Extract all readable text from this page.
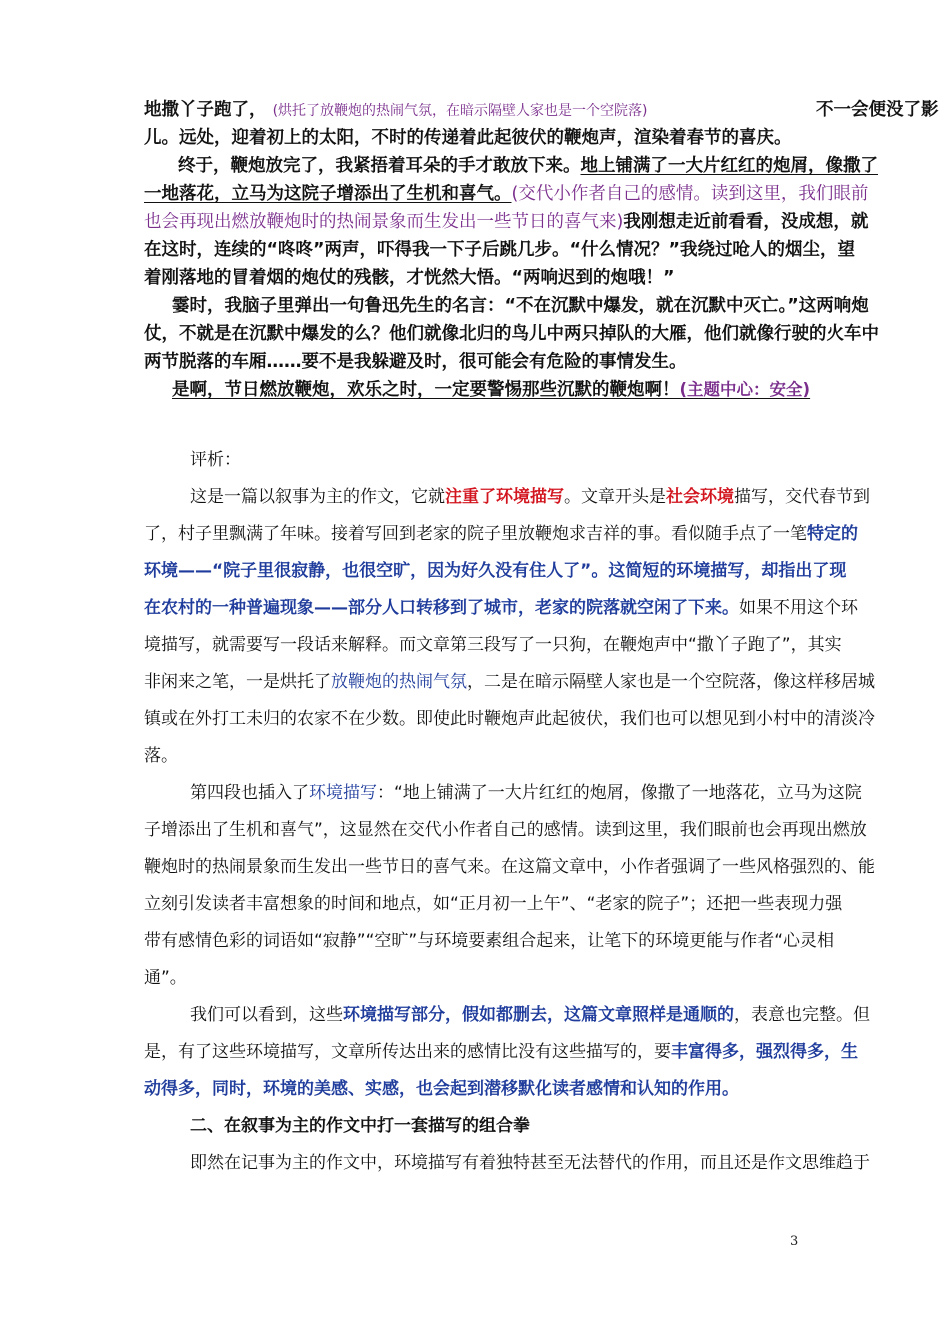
地撒丫子跑了， (烘托了放鞭炮的热闹气氛，在暗示隔壁人家也是一个空院落)	不一会便没了影
儿。远处，迎着初上的太阳，不时的传递着此起彼伏的鞭炮声，渲染着春节的喜庆。
终于，鞭炮放完了，我紧捂着耳朵的手才敢放下来。地上铺满了一大片红红的炮屑，像撒了
一地落花，立马为这院子增添出了生机和喜气。(交代小作者自己的感情。读到这里，我们眼前
也会再现出燃放鞭炮时的热闹景象而生发出一些节日的喜气来)我刚想走近前看看，没成想，就
在这时，连续的“咚咚”两声，吓得我一下子后跳几步。“什么情况？”我绕过呛人的烟尘，望
着刚落地的冒着烟的炮仗的残骸，才恍然大悟。“两响迟到的炮哦！”
霎时，我脑子里弹出一句鲁迅先生的名言：“不在沉默中爆发，就在沉默中灭亡。”这两响炮
仗，不就是在沉默中爆发的么？他们就像北归的鸟儿中两只掉队的大雁，他们就像行驶的火车中
两节脱落的车厢……要不是我躲避及时，很可能会有危险的事情发生。
是啊，节日燃放鞭炮，欢乐之时，一定要警惕那些沉默的鞭炮啊！(主题中心：安全)
评析：
这是一篇以叙事为主的作文，它就注重了环境描写。文章开头是社会环境描写，交代春节到
了，村子里飘满了年味。接着写回到老家的院子里放鞭炮求吉祥的事。看似随手点了一笔特定的
环境——“院子里很寂静，也很空旷，因为好久没有住人了”。这简短的环境描写，却指出了现
在农村的一种普遍现象——部分人口转移到了城市，老家的院落就空闲了下来。如果不用这个环
境描写，就需要写一段话来解释。而文章第三段写了一只狗，在鞭炮声中“撒丫子跑了”，其实
非闲来之笔，一是烘托了放鞭炮的热闹气氛，二是在暗示隔壁人家也是一个空院落，像这样移居城
镇或在外打工未归的农家不在少数。即使此时鞭炮声此起彼伏，我们也可以想见到小村中的清淡冷
落。
第四段也插入了环境描写：“地上铺满了一大片红红的炮屑，像撒了一地落花，立马为这院
子增添出了生机和喜气”，这显然在交代小作者自己的感情。读到这里，我们眼前也会再现出燃放
鞭炮时的热闹景象而生发出一些节日的喜气来。在这篇文章中，小作者强调了一些风格强烈的、能
立刻引发读者丰富想象的时间和地点，如“正月初一上午”、“老家的院子”；还把一些表现力强
带有感情色彩的词语如“寂静”“空旷”与环境要素组合起来，让笔下的环境更能与作者“心灵相
通”。
我们可以看到，这些环境描写部分，假如都删去，这篇文章照样是通顺的，表意也完整。但
是，有了这些环境描写，文章所传达出来的感情比没有这些描写的，要丰富得多，强烈得多，生
动得多，同时，环境的美感、实感，也会起到潜移默化读者感情和认知的作用。
二、在叙事为主的作文中打一套描写的组合拳
即然在记事为主的作文中，环境描写有着独特甚至无法替代的作用，而且还是作文思维趋于
3
